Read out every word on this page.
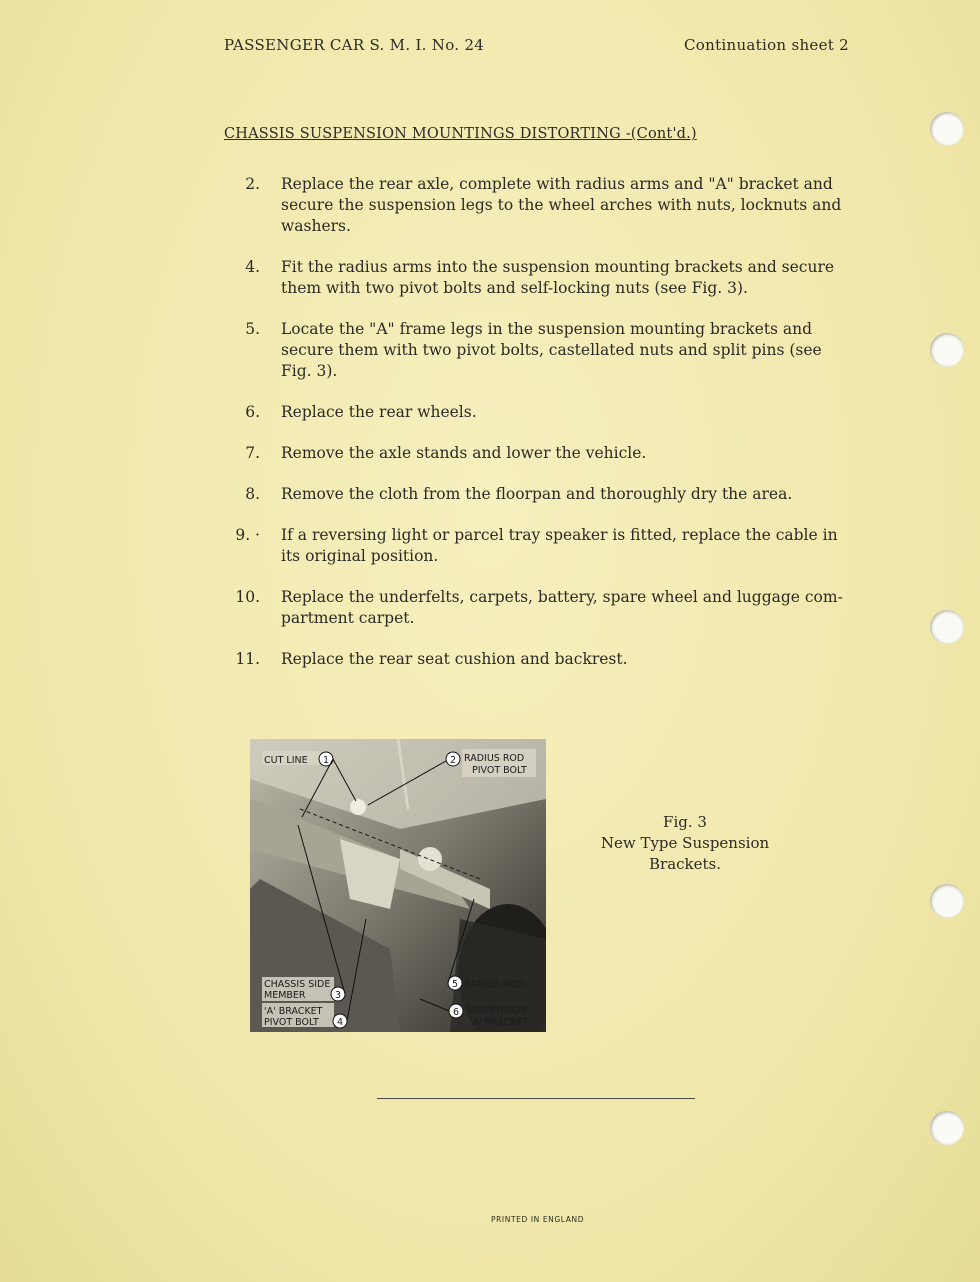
PASSENGER CAR S. M. I. No. 24	Continuation sheet 2
CHASSIS SUSPENSION MOUNTINGS DISTORTING -(Cont'd.)
2.	Replace the rear axle, complete with radius arms and "A" bracket and secure the suspension legs to the wheel arches with nuts, locknuts and washers.
4.	Fit the radius arms into the suspension mounting brackets and secure them with two pivot bolts and self-locking nuts (see Fig. 3).
5.	Locate the "A" frame legs in the suspension mounting brackets and secure them with two pivot bolts, castellated nuts and split pins (see Fig. 3).
6.	Replace the rear wheels.
7.	Remove the axle stands and lower the vehicle.
8.	Remove the cloth from the floorpan and thoroughly dry the area.
9. ·	If a reversing light or parcel tray speaker is fitted, replace the cable in its original position.
10.	Replace the underfelts, carpets, battery, spare wheel and luggage com-partment carpet.
11.	Replace the rear seat cushion and backrest.
CUT LINE 1	2 RADIUS ROD
PIVOT BOLT
CHASSIS SIDE
MEMBER	3
'A' BRACKET
PIVOT BOLT 4
5 RADIUS ROD
6 SUSPENSION
'A' BRACKET
Fig. 3
New Type Suspension
Brackets.
PRINTED IN ENGLAND
